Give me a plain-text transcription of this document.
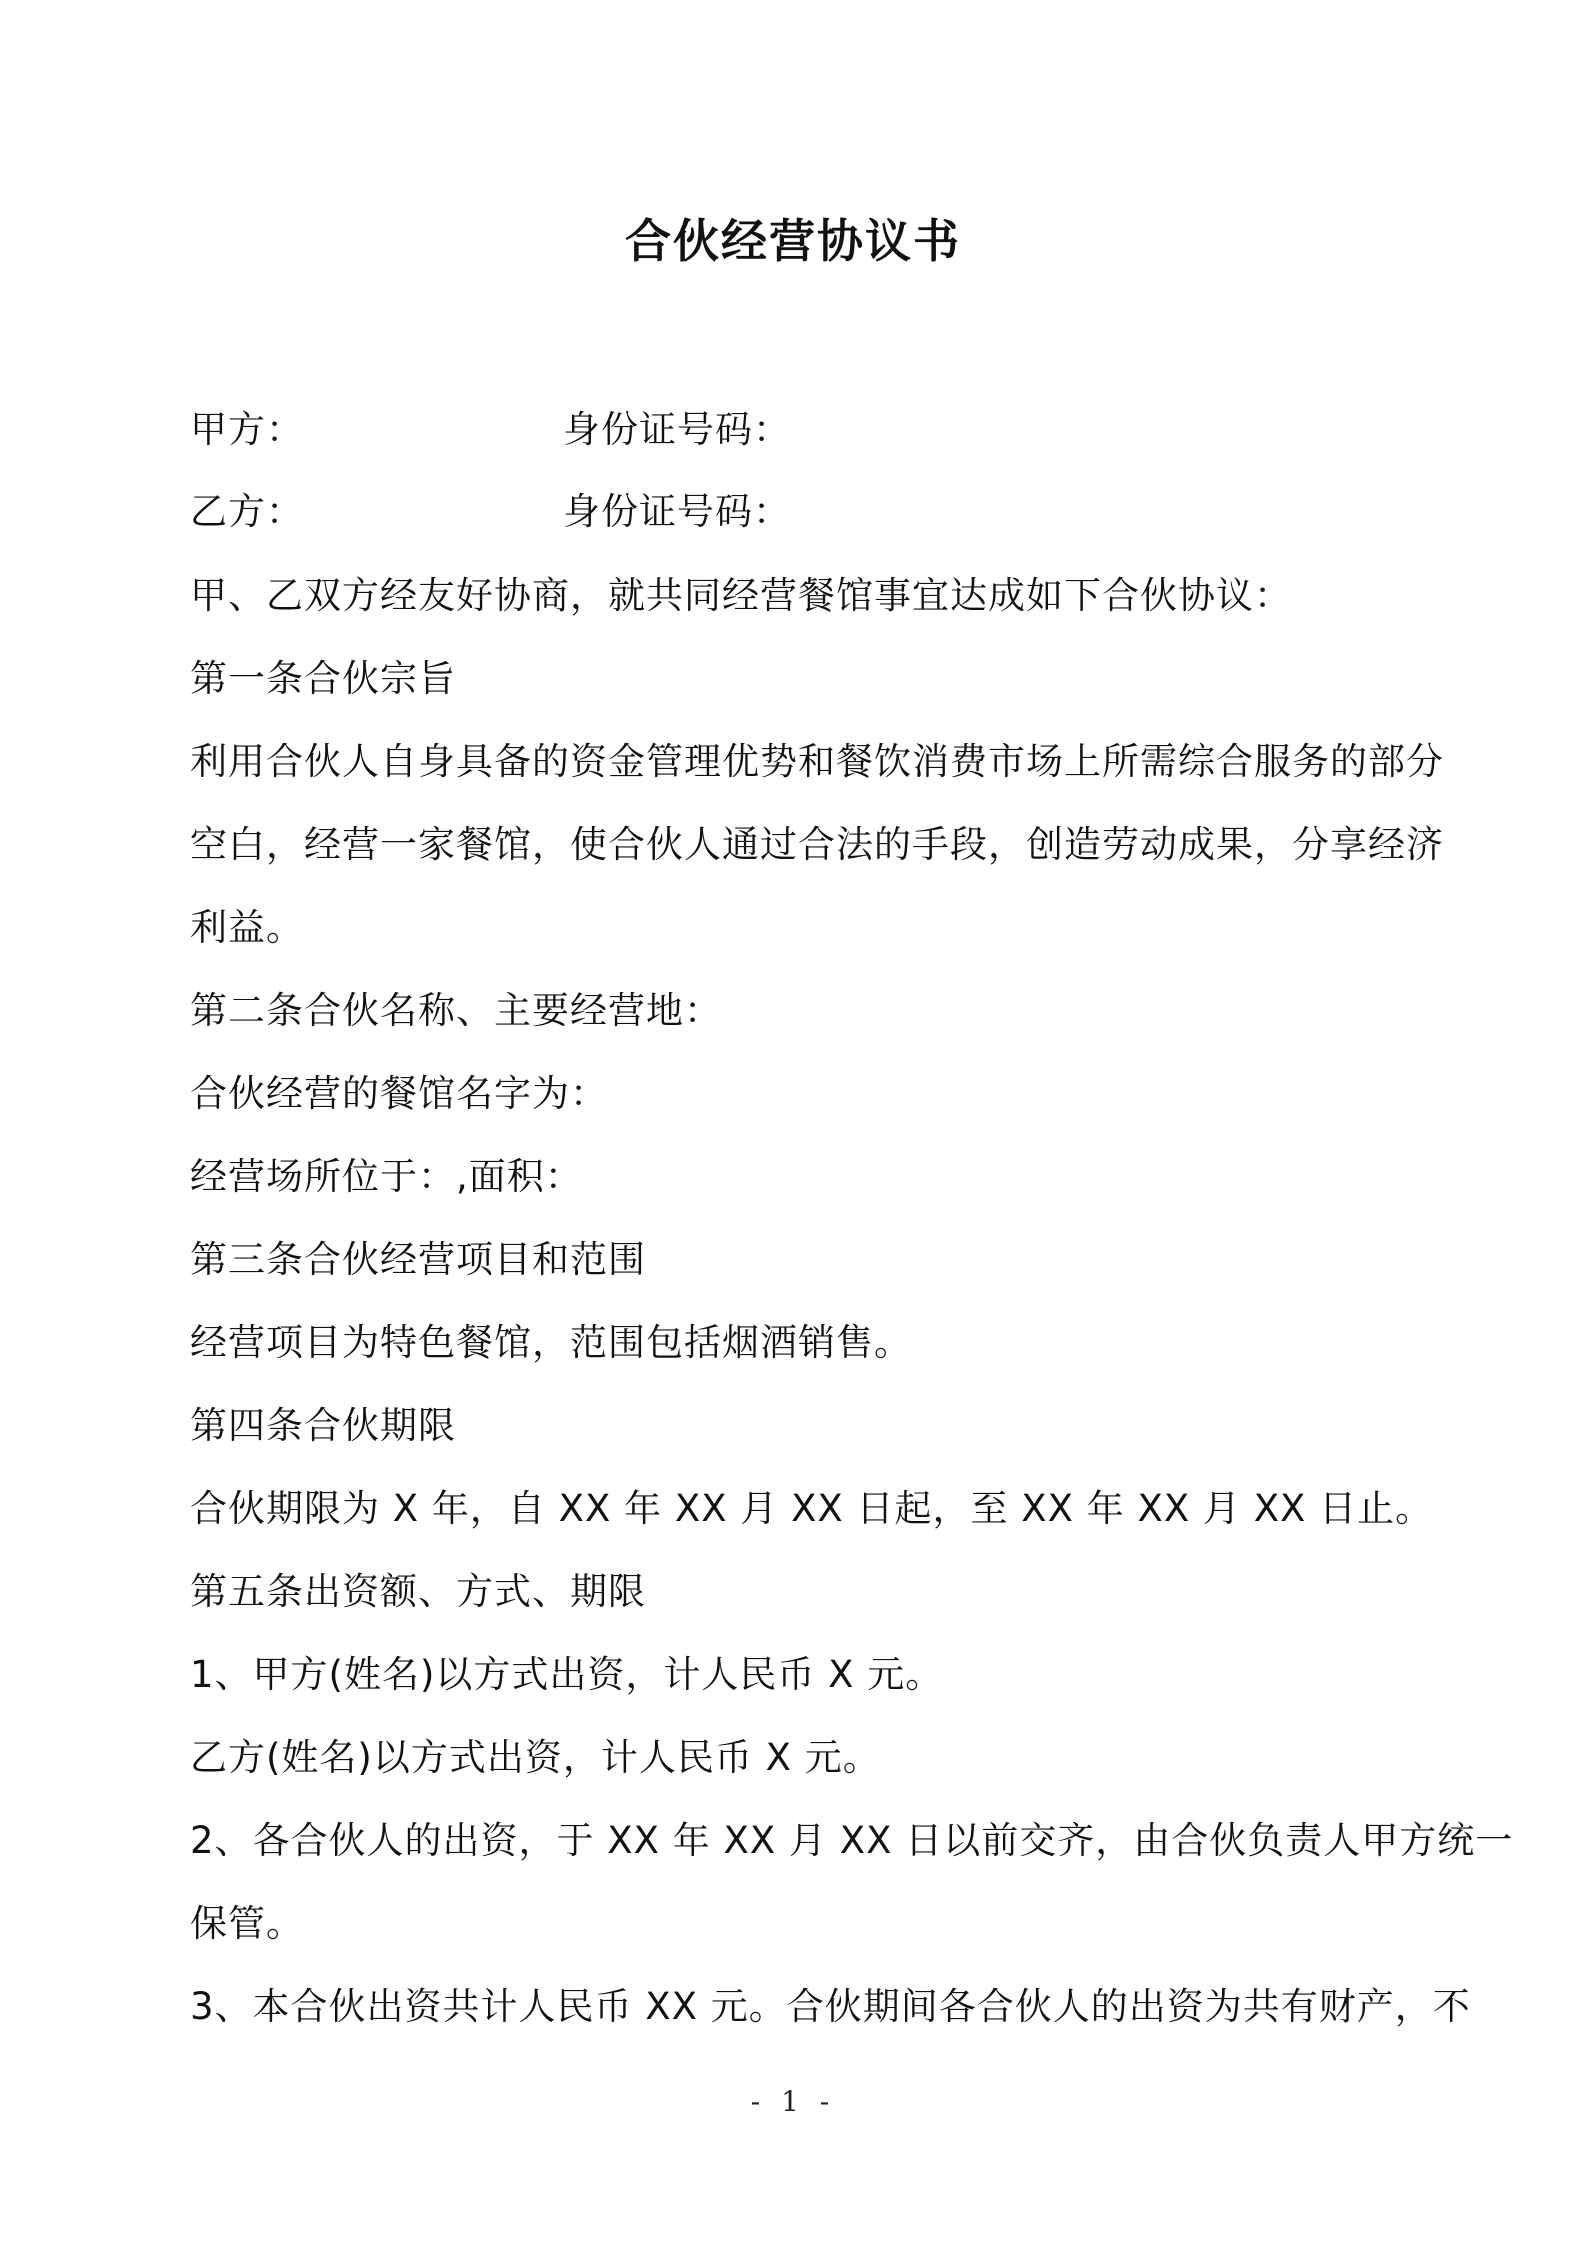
合伙经营协议书
甲方：	身份证号码：
乙方：	身份证号码：
甲、乙双方经友好协商，就共同经营餐馆事宜达成如下合伙协议：
第一条合伙宗旨
利用合伙人自身具备的资金管理优势和餐饮消费市场上所需综合服务的部分
空白，经营一家餐馆，使合伙人通过合法的手段，创造劳动成果，分享经济
利益。
第二条合伙名称、主要经营地：
合伙经营的餐馆名字为：
经营场所位于：,面积：
第三条合伙经营项目和范围
经营项目为特色餐馆，范围包括烟酒销售。
第四条合伙期限
合伙期限为 X 年，自 XX 年 XX 月 XX 日起，至 XX 年 XX 月 XX 日止。
第五条出资额、方式、期限
1、甲方(姓名)以方式出资，计人民币 X 元。
乙方(姓名)以方式出资，计人民币 X 元。
2、各合伙人的出资，于 XX 年 XX 月 XX 日以前交齐，由合伙负责人甲方统一
保管。
3、本合伙出资共计人民币 XX 元。合伙期间各合伙人的出资为共有财产，不
- 1 -
